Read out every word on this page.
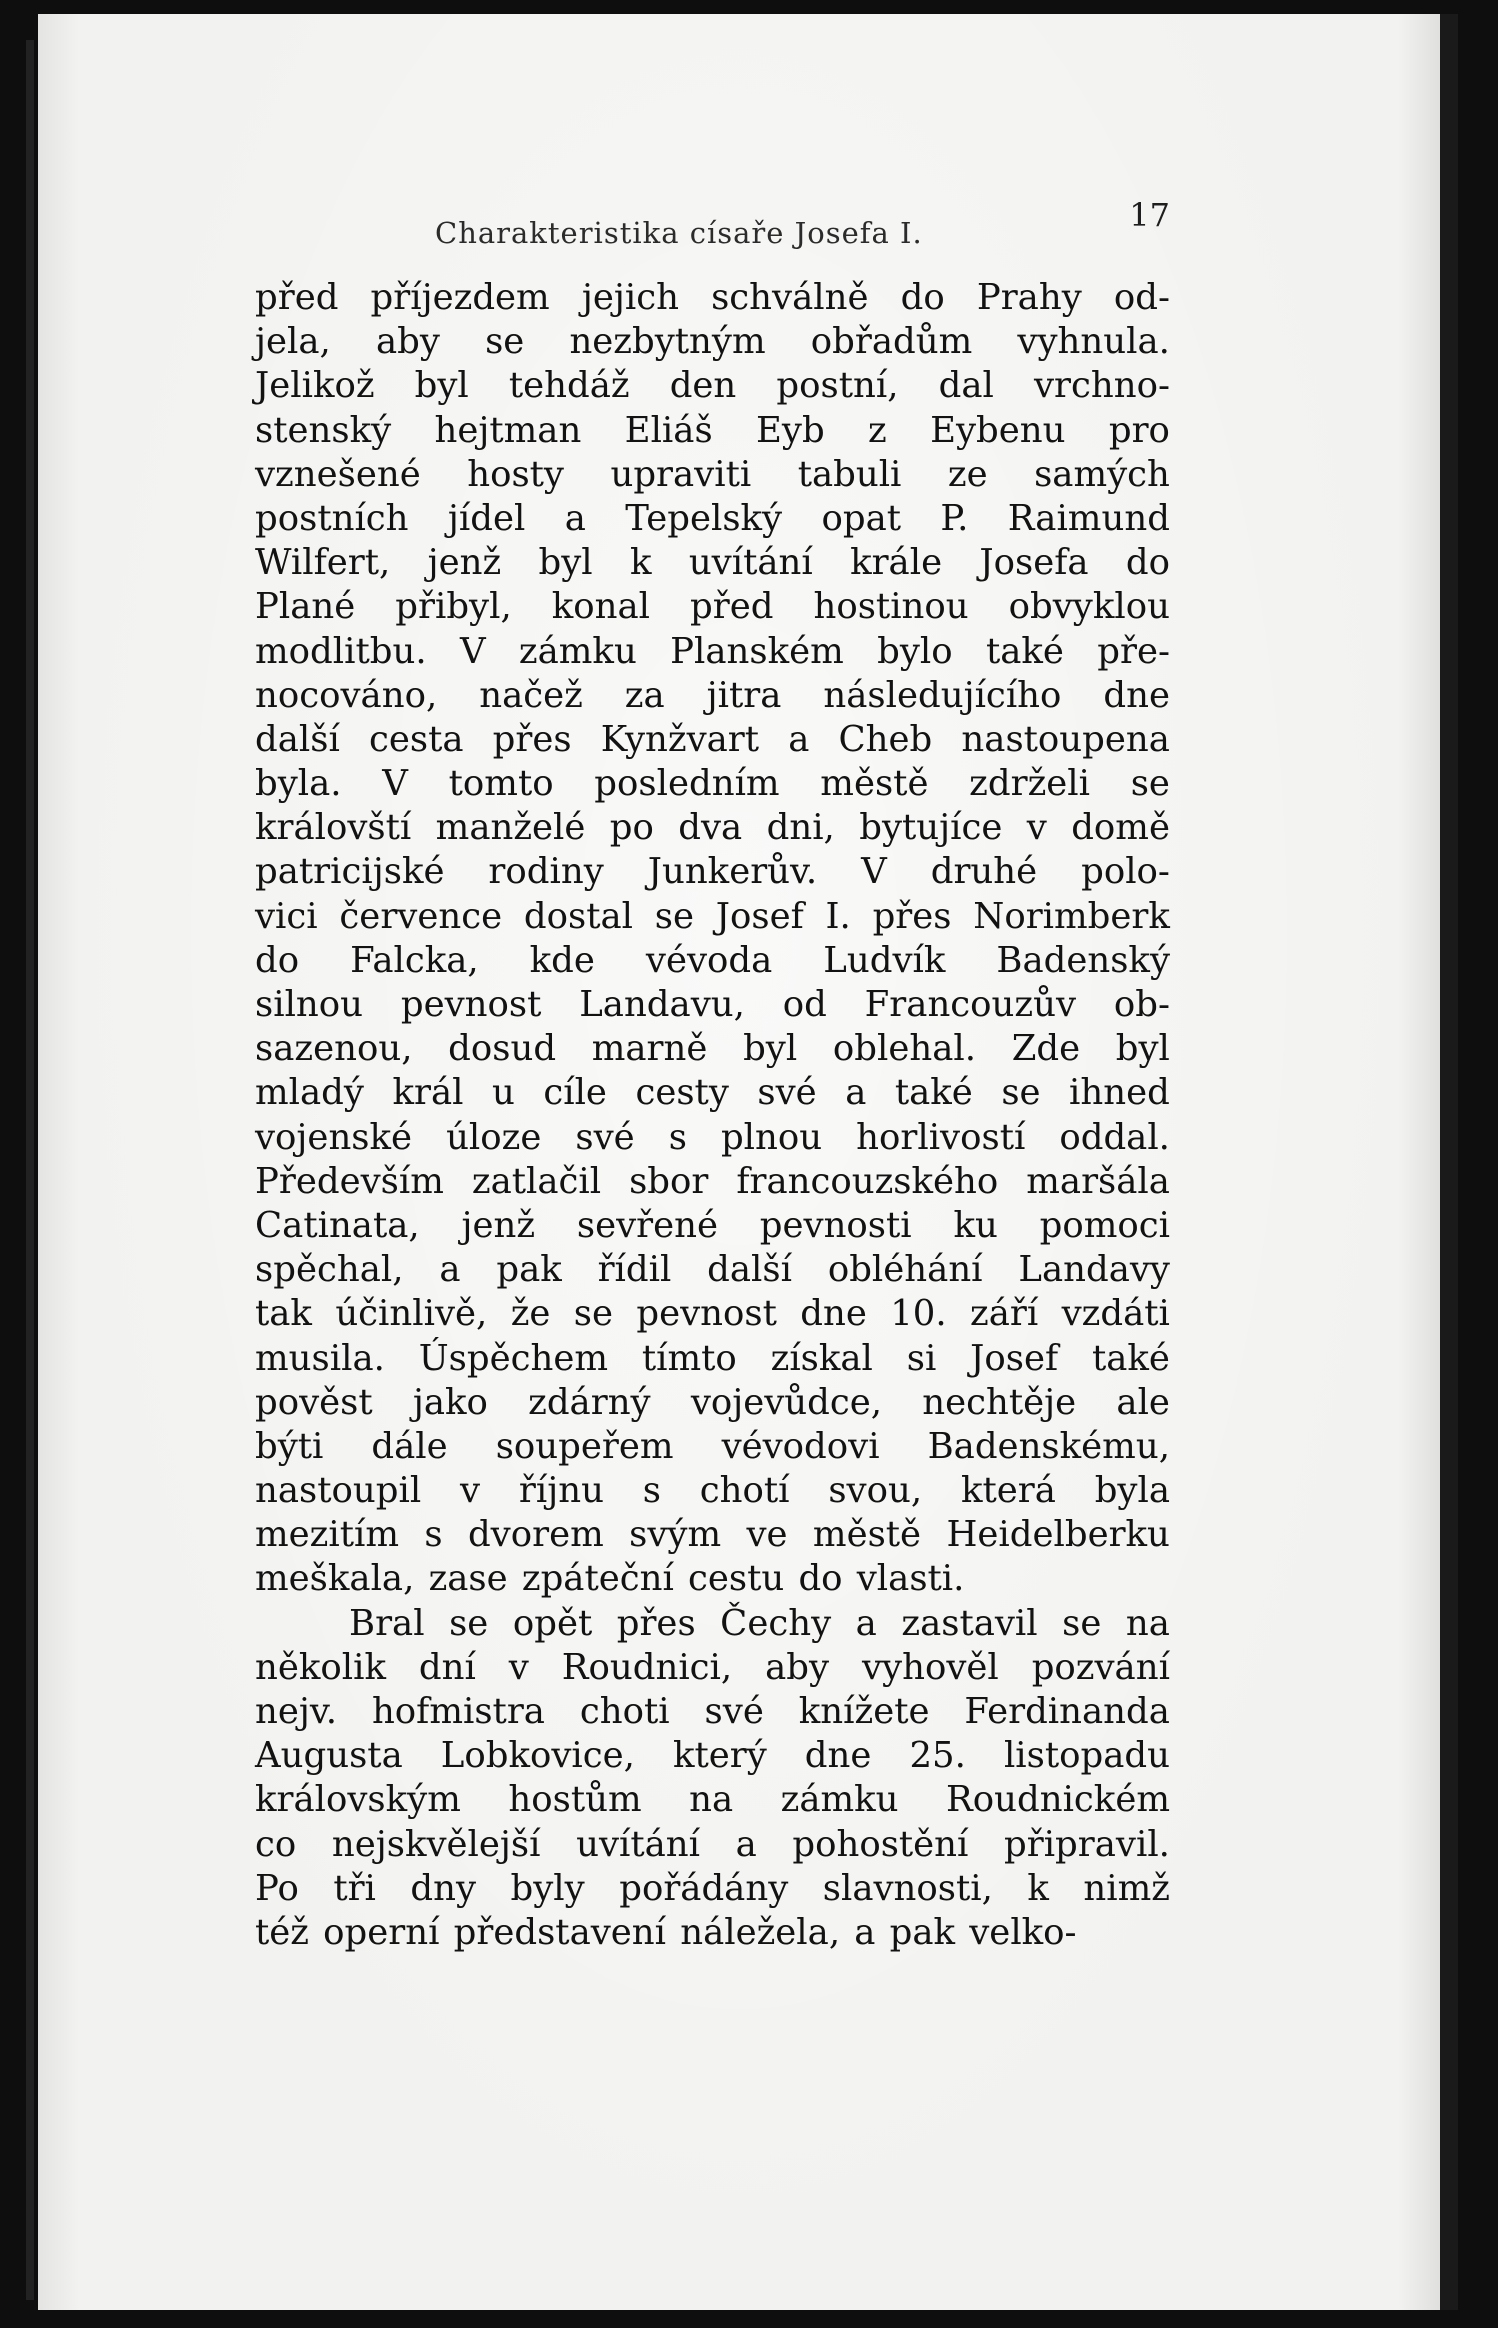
Charakteristika císaře Josefa I.	17
před příjezdem jejich schválně do Prahy od-
jela, aby se nezbytným obřadům vyhnula.
Jelikož byl tehdáž den postní, dal vrchno-
stenský hejtman Eliáš Eyb z Eybenu pro
vznešené hosty upraviti tabuli ze samých
postních jídel a Tepelský opat P. Raimund
Wilfert, jenž byl k uvítání krále Josefa do
Plané přibyl, konal před hostinou obvyklou
modlitbu. V zámku Planském bylo také pře-
nocováno, načež za jitra následujícího dne
další cesta přes Kynžvart a Cheb nastoupena
byla. V tomto posledním městě zdrželi se
královští manželé po dva dni, bytujíce v domě
patricijské rodiny Junkerův. V druhé polo-
vici července dostal se Josef I. přes Norimberk
do Falcka, kde vévoda Ludvík Badenský
silnou pevnost Landavu, od Francouzův ob-
sazenou, dosud marně byl oblehal. Zde byl
mladý král u cíle cesty své a také se ihned
vojenské úloze své s plnou horlivostí oddal.
Především zatlačil sbor francouzského maršála
Catinata, jenž sevřené pevnosti ku pomoci
spěchal, a pak řídil další obléhání Landavy
tak účinlivě, že se pevnost dne 10. září vzdáti
musila. Úspěchem tímto získal si Josef také
pověst jako zdárný vojevůdce, nechtěje ale
býti dále soupeřem vévodovi Badenskému,
nastoupil v říjnu s chotí svou, která byla
mezitím s dvorem svým ve městě Heidelberku
meškala, zase zpáteční cestu do vlasti.
Bral se opět přes Čechy a zastavil se na
několik dní v Roudnici, aby vyhověl pozvání
nejv. hofmistra choti své knížete Ferdinanda
Augusta Lobkovice, který dne 25. listopadu
královským hostům na zámku Roudnickém
co nejskvělejší uvítání a pohostění připravil.
Po tři dny byly pořádány slavnosti, k nimž
též operní představení náležela, a pak velko-
